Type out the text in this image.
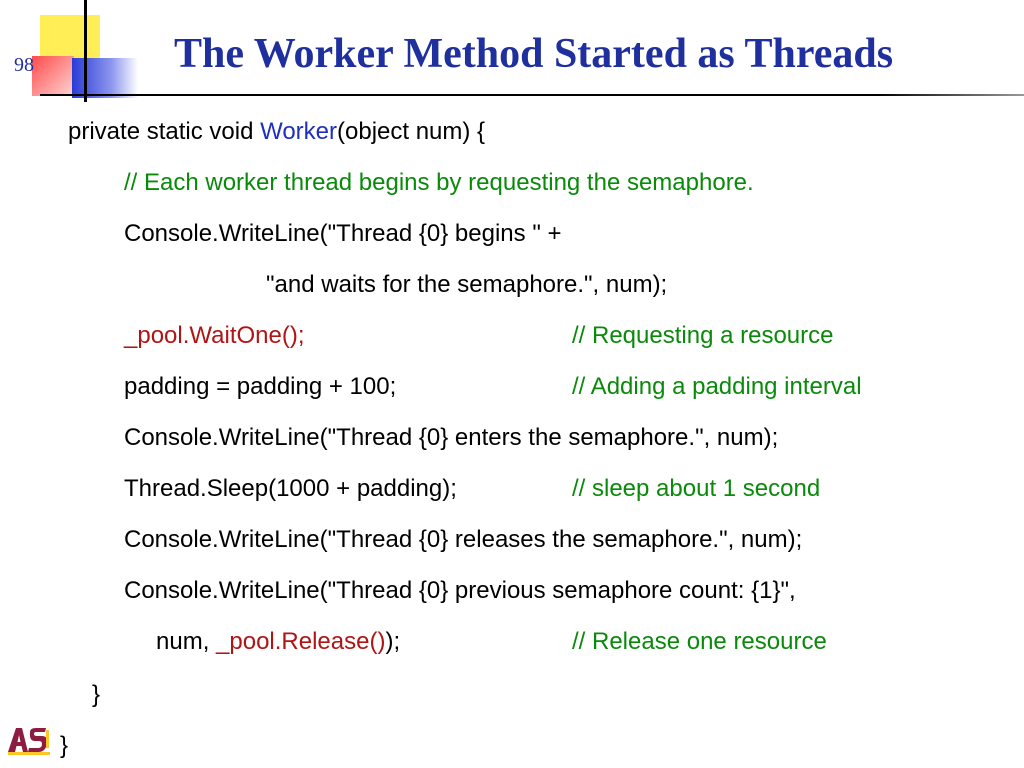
98	The Worker Method Started as Threads
private static void Worker(object num) {
// Each worker thread begins by requesting the semaphore.
Console.WriteLine("Thread {0} begins " +
"and waits for the semaphore.", num);
_pool.WaitOne();	// Requesting a resource
padding = padding + 100;	// Adding a padding interval
Console.WriteLine("Thread {0} enters the semaphore.", num);
Thread.Sleep(1000 + padding);	// sleep about 1 second
Console.WriteLine("Thread {0} releases the semaphore.", num);
Console.WriteLine("Thread {0} previous semaphore count: {1}",
num, _pool.Release());	// Release one resource
}
}
